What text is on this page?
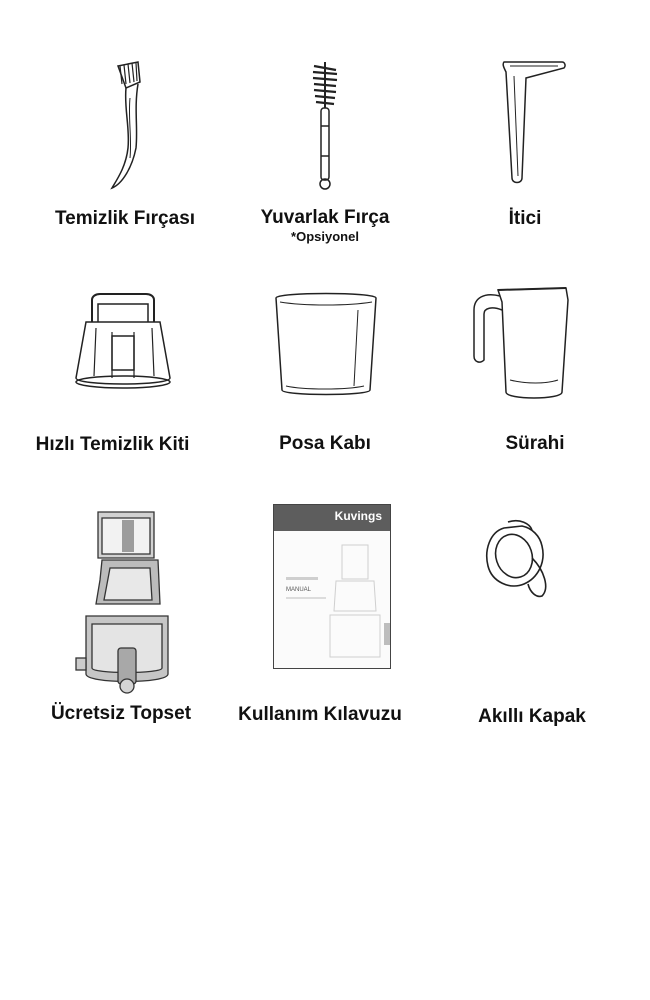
Temizlik Fırçası	Yuvarlak Fırça
*Opsiyonel
İtici
Hızlı Temizlik Kiti	Posa Kabı	Sürahi
Ücretsiz Topset
Kuvings
MANUAL
Kullanım Kılavuzu	Akıllı Kapak
